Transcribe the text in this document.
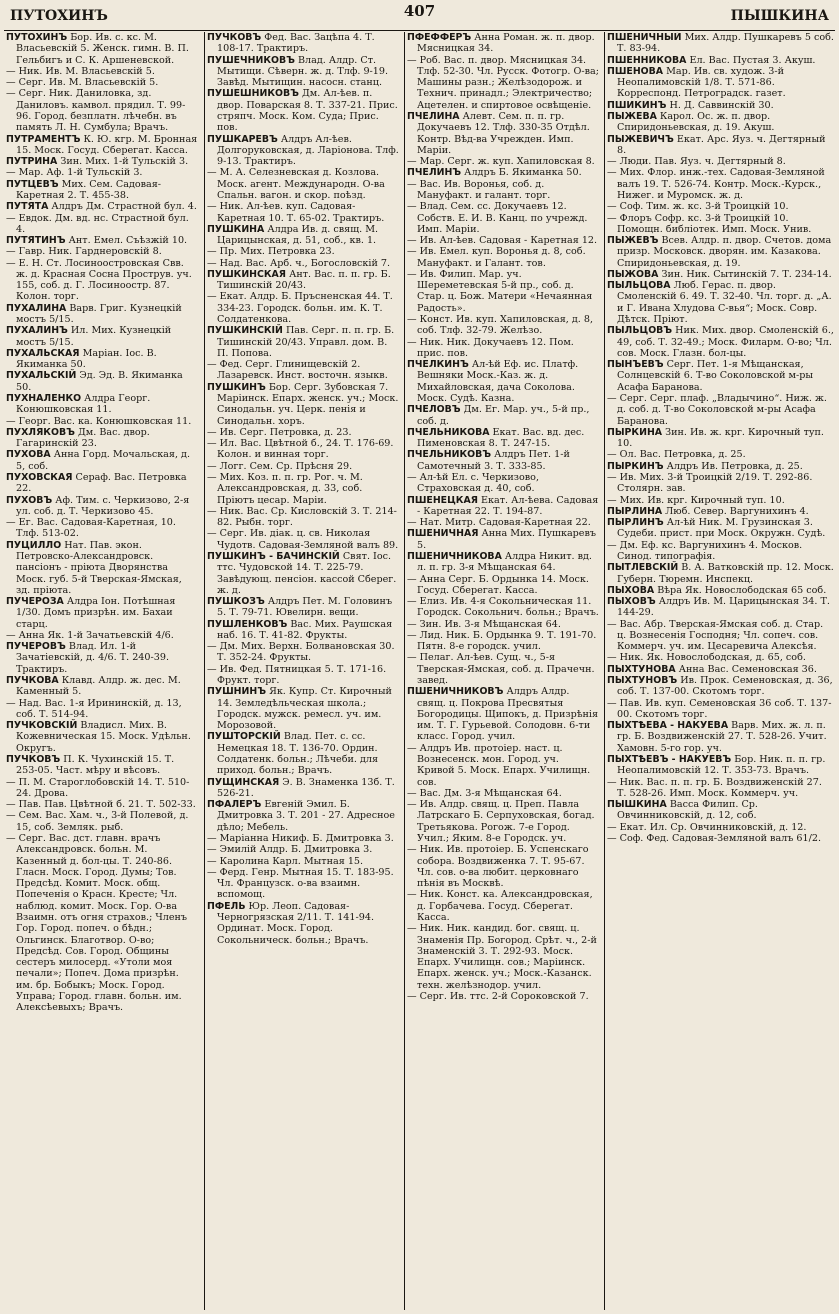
ПУТОХИНЪ	407	ПЫШКИНА

ПУТОХИНЪ Бор. Ив. с. кс. М. Власьевскій 5. Женск. гимн. В. П. Гельбигъ и С. К. Аршеневской.

— Ник. Ив. М. Власьевскій 5.

— Серг. Ив. М. Власьевскій 5.

— Серг. Ник. Даниловка, зд. Даниловъ. камвол. прядил. Т. 99-96. Город. безплатн. лѣчебн. въ память Л. Н. Сумбула; Врачъ.

ПУТРАМЕНТЪ К. Ю. кгр. М. Бронная 15. Моск. Госуд. Сберегат. Касса.

ПУТРИНА Зин. Мих. 1-й Тульскій 3.

— Мар. Аф. 1-й Тульскій 3.

ПУТЦЕВЪ Мих. Сем. Садовая-Каретная 2. Т. 455-38.

ПУТЯТА Алдръ Дм. Страстной бул. 4.

— Евдок. Дм. вд. нс. Страстной бул. 4.

ПУТЯТИНЪ Ант. Емел. Съѣзжій 10.

— Гавр. Ник. Гарднеровскій 8.

— Е. Н. Ст. Лосиноостровская Свв. ж. д. Красная Сосна Прострув. уч. 155, соб. д. Г. Лосиноостр. 87. Колон. торг.

ПУХАЛИНА Варв. Григ. Кузнецкій мостъ 5/15.

ПУХАЛИНЪ Ил. Мих. Кузнецкій мостъ 5/15.

ПУХАЛЬСКАЯ Маріан. Іос. В. Якиманка 50.

ПУХАЛЬСКІЙ Эд. Эд. В. Якиманка 50.

ПУХНАЛЕНКО Алдра Георг. Конюшковская 11.

— Георг. Вас. ка. Конюшковская 11.

ПУХЛЯКОВЪ Дм. Вас. двор. Гагаринскій 23.

ПУХОВА Анна Горд. Мочальская, д. 5, соб.

ПУХОВСКАЯ Сераф. Вас. Петровка 22.

ПУХОВЪ Аф. Тим. с. Черкизово, 2-я ул. соб. д. Т. Черкизово 45.

— Ег. Вас. Садовая-Каретная, 10. Тлф. 513-02.

ПУЦИЛЛО Нат. Пав. экон. Петровско-Александровск. пансіонъ - пріюта Дворянства Моск. губ. 5-й Тверская-Ямская, зд. пріюта.

ПУЧЕРОЗА Алдра Іон. Потѣшная 1/30. Домъ призрѣн. им. Бахаи старц.

— Анна Як. 1-й Зачатьевскій 4/6.

ПУЧЕРОВЪ Влад. Ил. 1-й Зачатіевскій, д. 4/6. Т. 240-39. Трактиръ.

ПУЧКОВА Клавд. Алдр. ж. дес. М. Каменный 5.

— Над. Вас. 1-я Ирининскій, д. 13, соб. Т. 514-94.

ПУЧКОВСКІЙ Владисл. Мих. В. Кожевническая 15. Моск. Удѣльн. Округъ.

ПУЧКОВЪ П. К. Чухинскій 15. Т. 253-05. Част. мѣру и вѣсовъ.

— П. М. Староглобовскій 14. Т. 510-24. Дрова.

— Пав. Пав. Цвѣтной б. 21. Т. 502-33.

— Сем. Вас. Хам. ч., 3-й Полевой, д. 15, соб. Земляк. рыб.

— Серг. Вас. дст. главн. врачъ Александровск. больн. М. Казенный д. бол-цы. Т. 240-86. Гласн. Моск. Город. Думы; Тов. Предсѣд. Комит. Моск. общ. Попеченія о Красн. Кресте; Чл. наблюд. комит. Моск. Гор. О-ва Взаимн. отъ огня страхов.; Членъ Гор. Город. попеч. о бѣдн.; Ольгинск. Благотвор. О-во; Предсѣд. Сов. Город. Общины сестеръ милосерд. «Утоли моя печали»; Попеч. Дома призрѣн. им. бр. Бобыкъ; Моск. Город. Управа; Город. главн. больн. им. Алексѣевыхъ; Врачъ.

ПУЧКОВЪ Фед. Вас. Зацѣпа 4. Т. 108-17. Трактиръ.

ПУШЕЧНИКОВЪ Влад. Алдр. Ст. Мытищи. Сѣверн. ж. д. Тлф. 9-19. Завѣд. Мытищин. насосн. станц.

ПУШЕШНИКОВЪ Дм. Ал-ѣев. п. двор. Поварская 8. Т. 337-21. Прис. стряпч. Моск. Ком. Суда; Прис. пов.

ПУШКАРЕВЪ Алдръ Ал-ѣев. Долгоруковская, д. Ларіонова. Тлф. 9-13. Трактиръ.

— М. А. Селезневская д. Козлова. Моск. агент. Международн. О-ва Спальн. вагон. и скор. поѣзд.

— Ник. Ал-ѣев. куп. Садовая-Каретная 10. Т. 65-02. Трактиръ.

ПУШКИНА Алдра Ив. д. свящ. М. Царицынская, д. 51, соб., кв. 1.

— Пр. Мих. Петровка 23.

— Над. Вас. Арб. ч., Богословскій 7.

ПУШКИНСКАЯ Ант. Вас. п. п. гр. Б. Тишинскій 20/43.

— Екат. Алдр. Б. Пръсненская 44. Т. 334-23. Городск. больн. им. К. Т. Солдатенкова.

ПУШКИНСКІЙ Пав. Серг. п. п. гр. Б. Тишинскій 20/43. Управл. дом. В. П. Попова.

— Фед. Серг. Глинищевскій 2. Лазаревск. Инст. восточн. языкв.

ПУШКИНЪ Бор. Серг. Зубовская 7. Маріинск. Епарх. женск. уч.; Моск. Синодальн. уч. Церк. пенія и Синодальн. хоръ.

— Ив. Серг. Петровка, д. 23.

— Ил. Вас. Цвѣтной б., 24. Т. 176-69. Колон. и винная торг.

— Логг. Сем. Ср. Прѣсня 29.

— Мих. Коз. п. п. гр. Рог. ч. М. Александровская, д. 33, соб. Пріютъ цесар. Маріи.

— Ник. Вас. Ср. Кисловскій 3. Т. 214-82. Рыбн. торг.

— Серг. Ив. діак. ц. св. Николая Чудотв. Садовая-Земляной валъ 89.

ПУШКИНЪ - БАЧИНСКІЙ Свят. Іос. ттс. Чудовской 14. Т. 225-79. Завѣдующ. пенсіон. кассой Сберег. ж. д.

ПУШКОЗЪ Алдръ Пет. М. Головинъ 5. Т. 79-71. Ювелирн. вещи.

ПУШЛЕНКОВЪ Вас. Мих. Раушская наб. 16. Т. 41-82. Фрукты.

— Дм. Мих. Верхн. Болвановская 30. Т. 352-24. Фрукты.

— Ив. Фед. Пятницкая 5. Т. 171-16. Фрукт. торг.

ПУШНИНЪ Як. Купр. Ст. Кирочный 14. Земледѣльческая школа.; Городск. мужск. ремесл. уч. им. Морозовой.

ПУШТОРСКІЙ Влад. Пет. с. сс. Немецкая 18. Т. 136-70. Ордин. Солдатенк. больн.; Лѣчеби. для приход. больн.; Врачъ.

ПУЩИНСКАЯ Э. В. Знаменка 13б. Т. 526-21.

ПФАЛЕРЪ Евгеній Эмил. Б. Дмитровка 3. Т. 201 - 27. Адресное дѣло; Мебель.

— Маріанна Никиф. Б. Дмитровка 3.

— Эмилій Алдр. Б. Дмитровка 3.

— Каролина Карл. Мытная 15.

— Ферд. Генр. Мытная 15. Т. 183-95. Чл. Французск. о-ва взаимн. вспомощ.

ПФЕЛЬ Юр. Леоп. Садовая-Черногрязская 2/11. Т. 141-94. Ординат. Моск. Город. Сокольническ. больн.; Врачъ.

ПФЕФФЕРЪ Анна Роман. ж. п. двор. Мясницкая 34.

— Роб. Вас. п. двор. Мясницкая 34. Тлф. 52-30. Чл. Русск. Фотогр. О-ва; Машины разн.; Желѣзодорож. и Технич. принадл.; Электричество; Ацетелен. и спиртовое освѣщеніе.

ПЧЕЛИНА Алевт. Сем. п. п. гр. Докучаевъ 12. Тлф. 330-35 Отдѣл. Контр. Вѣд-ва Учрежден. Имп. Маріи.

— Мар. Серг. ж. куп. Хапиловская 8.

ПЧЕЛИНЪ Алдръ Б. Якиманка 50.

— Вас. Ив. Воронья, соб. д. Мануфакт. и галант. торг.

— Влад. Сем. сс. Докучаевъ 12. Собств. Е. И. В. Канц. по учрежд. Имп. Маріи.

— Ив. Ал-ѣев. Садовая - Каретная 12.

— Ив. Емел. куп. Воронья д. 8, соб. Мануфакт. и Галант. тов.

— Ив. Филип. Мар. уч. Шереметевская 5-й пр., соб. д. Стар. ц. Бож. Матери «Нечаянная Радость».

— Конст. Ив. куп. Хапиловская, д. 8, соб. Тлф. 32-79. Желѣзо.

— Ник. Ник. Докучаевъ 12. Пом. прис. пов.

ПЧЕЛКИНЪ Ал-ѣй Еф. ис. Платф. Вешняки Моск.-Каз. ж. д. Михайловская, дача Соколова. Моск. Судѣ. Казна.

ПЧЕЛОВЪ Дм. Ег. Мар. уч., 5-й пр., соб. д.

ПЧЕЛЬНИКОВА Екат. Вас. вд. дес. Пименовская 8. Т. 247-15.

ПЧЕЛЬНИКОВЪ Алдръ Пет. 1-й Самотечный 3. Т. 333-85.

— Ал-ѣй Ел. с. Черкизово, Страховская д. 40, соб.

ПШЕНЕЦКАЯ Екат. Ал-ѣева. Садовая - Каретная 22. Т. 194-87.

— Нат. Митр. Садовая-Каретная 22.

ПШЕНИЧНАЯ Анна Мих. Пушкаревъ 5.

ПШЕНИЧНИКОВА Алдра Никит. вд. л. п. гр. 3-я Мѣщанская 64.

— Анна Серг. Б. Ордынка 14. Моск. Госуд. Сберегат. Касса.

— Елиз. Ив. 4-я Сокольническая 11. Городск. Сокольнич. больн.; Врачъ.

— Зин. Ив. 3-я Мѣщанская 64.

— Лид. Ник. Б. Ордынка 9. Т. 191-70. Пятн. 8-е городск. учил.

— Пелаг. Ал-ѣев. Сущ. ч., 5-я Тверская-Ямская, соб. д. Прачечн. завед.

ПШЕНИЧНИКОВЪ Алдръ Алдр. свящ. ц. Покрова Пресвятыя Богородицы. Щипокъ, д. Призрѣнія им. Т. Г. Гурьевой. Солодовн. 6-ти класс. Город. учил.

— Алдръ Ив. протоіер. наст. ц. Вознесенск. мон. Город. уч. Кривой 5. Моск. Епарх. Училищн. сов.

— Вас. Дм. 3-я Мѣщанская 64.

— Ив. Алдр. свящ. ц. Преп. Павла Латрскаго Б. Серпуховская, богад. Третьякова. Рогож. 7-е Город. Учил.; Яким. 8-е Городск. уч.

— Ник. Ив. протоіер. Б. Успенскаго собора. Воздвиженка 7. Т. 95-67. Чл. сов. о-ва любит. церковнаго пѣнія въ Москвѣ.

— Ник. Конст. ка. Александровская, д. Горбачева. Госуд. Сберегат. Касса.

— Ник. Ник. кандид. бог. свящ. ц. Знаменія Пр. Богород. Срѣт. ч., 2-й Знаменскій 3. Т. 292-93. Моск. Епарх. Училищн. сов.; Маріинск. Епарх. женск. уч.; Моск.-Казанск. техн. желѣзнодор. учил.

— Серг. Ив. ттс. 2-й Сороковской 7.

ПШЕНИЧНЫЙ Мих. Алдр. Пушкаревъ 5 соб. Т. 83-94.

ПШЕННИКОВА Ел. Вас. Пустая 3. Акуш.

ПШЕНОВА Мар. Ив. св. худож. 3-й Неопалимовскій 1/8. Т. 571-86. Корреспонд. Петроградск. газет.

ПШИКИНЪ Н. Д. Саввинскій 30.

ПЫЖЕВА Карол. Ос. ж. п. двор. Спиридоньевская, д. 19. Акуш.

ПЫЖЕВИЧЪ Екат. Арс. Яуз. ч. Дегтярный 8.

— Люди. Пав. Яуз. ч. Дегтярный 8.

— Мих. Флор. инж.-тех. Садовая-Земляной валъ 19. Т. 526-74. Контр. Моск.-Курск., Нижег. и Муромск. ж. д.

— Соф. Тим. ж. кс. 3-й Троицкій 10.

— Флоръ Софр. кс. 3-й Троицкій 10. Помощн. библіотек. Имп. Моск. Унив.

ПЫЖЕВЪ Всев. Алдр. п. двор. Счетов. дома призр. Московск. дворян. им. Казакова. Спиридоньевская, д. 19.

ПЫЖОВА Зин. Ник. Сытинскій 7. Т. 234-14.

ПЫЛЬЦОВА Люб. Герас. п. двор. Смоленскій 6. 49. Т. 32-40. Чл. торг. д. „А. и Г. Ивана Хлудова С-вья“; Моск. Совр. Дѣтск. Пріют.

ПЫЛЬЦОВЪ Ник. Мих. двор. Смоленскій 6., 49, соб. Т. 32-49.; Моск. Филарм. О-во; Чл. сов. Моск. Глазн. бол-цы.

ПЫНЪЕВЪ Серг. Пет. 1-я Мѣщанская, Солнцевскій 6. Т-во Соколовской м-ры Асафа Баранова.

— Серг. Серг. плаф. „Владычино“. Ниж. ж. д. соб. д. Т-во Соколовской м-ры Асафа Баранова.

ПЫРКИНА Зин. Ив. ж. крг. Кирочный туп. 10.

— Ол. Вас. Петровка, д. 25.

ПЫРКИНЪ Алдръ Ив. Петровка, д. 25.

— Ив. Мих. 3-й Троицкій 2/19. Т. 292-86. Столярн. зав.

— Мих. Ив. крг. Кирочный туп. 10.

ПЫРЛИНА Люб. Север. Варгунихинъ 4.

ПЫРЛИНЪ Ал-ѣй Ник. М. Грузинская 3. Судеби. прист. при Моск. Окружн. Судѣ.

— Дм. Еф. кс. Варгунихинъ 4. Москов. Синод. типографія.

ПЫТЛЕВСКІЙ В. А. Ватковскій пр. 12. Моск. Губерн. Тюремн. Инспекц.

ПЫХОВА Вѣра Як. Новослободская 65 соб.

ПЫХОВЪ Алдръ Ив. М. Царицынская 34. Т. 144-29.

— Вас. Абр. Тверская-Ямская соб. д. Стар. ц. Вознесенія Господня; Чл. сопеч. сов. Коммерч. уч. им. Цесаревича Алексѣя.

— Ник. Як. Новослободская, д. 65, соб.

ПЫХТУНОВА Анна Вас. Семеновская 36.

ПЫХТУНОВЪ Ив. Прок. Семеновская, д. 36, соб. Т. 137-00. Скотомъ торг.

— Пав. Ив. куп. Семеновская 36 соб. Т. 137-00. Скотомъ торг.

ПЫХТѢЕВА - НАКУЕВА Варв. Мих. ж. л. п. гр. Б. Воздвиженскій 27. Т. 528-26. Учит. Хамовн. 5-го гор. уч.

ПЫХТѢЕВЪ - НАКУЕВЪ Бор. Ник. п. п. гр. Неопалимовскій 12. Т. 353-73. Врачъ.

— Ник. Вас. п. п. гр. Б. Воздвиженскій 27. Т. 528-26. Имп. Моск. Коммерч. уч.

ПЫШКИНА Васса Филип. Ср. Овчинниковскій, д. 12, соб.

— Екат. Ил. Ср. Овчинниковскій, д. 12.

— Соф. Фед. Садовая-Земляной валъ 61/2.
